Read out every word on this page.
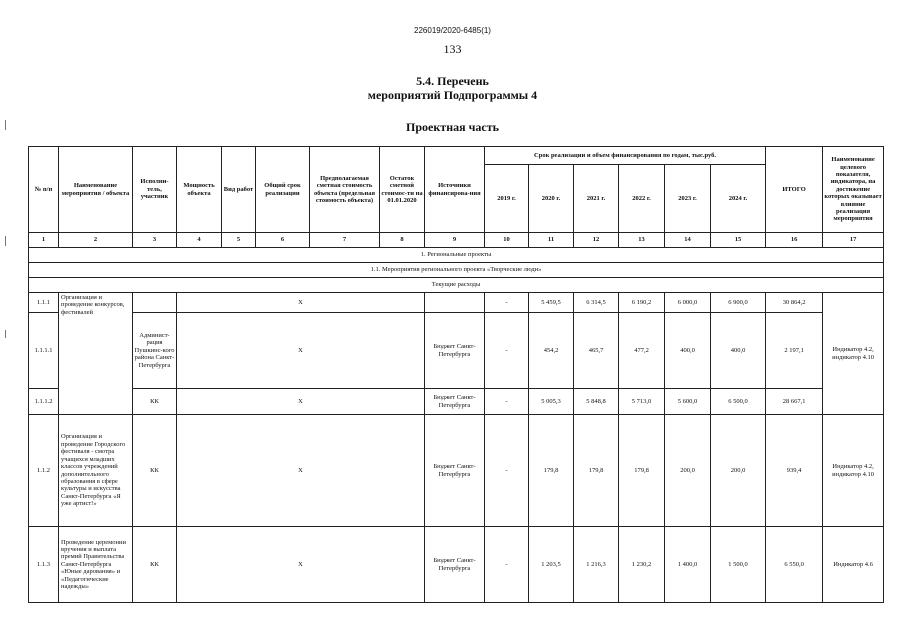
226019/2020-6485(1)
133
5.4. Перечень
мероприятий Подпрограммы 4
Проектная часть
№ п/п	Наименование мероприятия / объекта	Исполни-тель, участник	Мощность объекта	Вид работ	Общий срок реализации	Предполагаемая сметная стоимость объекта (предельная стоимость объекта)	Остаток сметной стоимос-ти на 01.01.2020	Источники финансирова-ния	Срок реализации и объем финансирования по годам, тыс.руб.						ИТОГО	Наименование целевого показателя, индикатора, на достижение которых оказывает влияние реализация мероприятия
									2019 г.	2020 г.	2021 г.	2022 г.	2023 г.	2024 г.		
1	2	3	4	5	6	7	8	9	10	11	12	13	14	15	16	17
1. Региональные проекты																
1.1. Мероприятия регионального проекта «Творческие люди»																
Текущие расходы																
1.1.1	Организация и проведение конкурсов, фестивалей		Х						-	5 459,5	6 314,5	6 190,2	6 000,0	6 900,0	30 864,2	Индикатор 4.2, индикатор 4.10
1.1.1.1		Админист-рация Пушкинс-кого района Санкт-Петербурга	Х					Бюджет Санкт-Петербурга	-	454,2	465,7	477,2	400,0	400,0	2 197,1	
1.1.1.2		КК	Х					Бюджет Санкт-Петербурга	-	5 005,3	5 848,8	5 713,0	5 600,0	6 500,0	28 667,1	
1.1.2	Организация и проведение Городского фестиваля - смотра учащихся младших классов учреждений дополнительного образования в сфере культуры и искусства Санкт-Петербурга «Я уже артист!»	КК	Х					Бюджет Санкт-Петербурга	-	179,8	179,8	179,8	200,0	200,0	939,4	Индикатор 4.2, индикатор 4.10
1.1.3	Проведение церемонии вручения и выплата премий Правительства Санкт-Петербурга «Юные дарования» и «Педагогические надежды»	КК	Х					Бюджет Санкт-Петербурга	-	1 203,5	1 216,3	1 230,2	1 400,0	1 500,0	6 550,0	Индикатор 4.6
